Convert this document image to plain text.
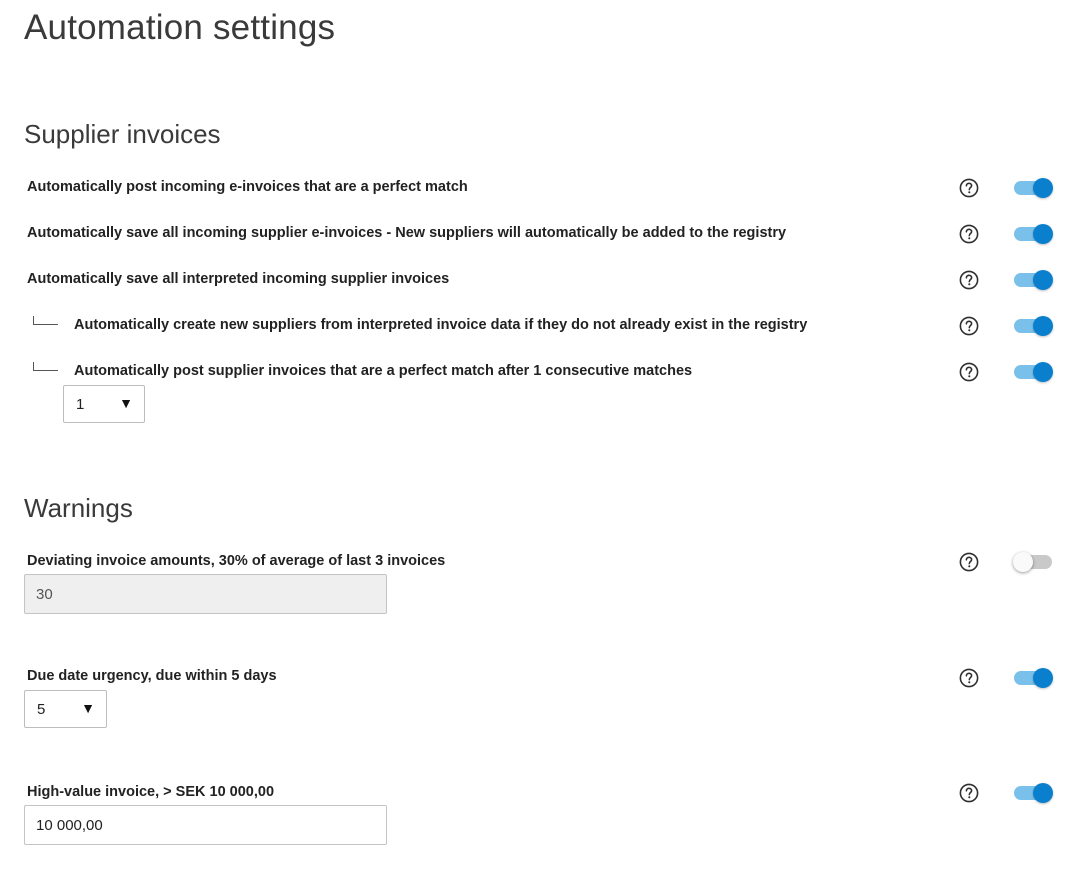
Automation settings
Supplier invoices
Automatically post incoming e-invoices that are a perfect match
Automatically save all incoming supplier e-invoices - New suppliers will automatically be added to the registry
Automatically save all interpreted incoming supplier invoices
Automatically create new suppliers from interpreted invoice data if they do not already exist in the registry
Automatically post supplier invoices that are a perfect match after 1 consecutive matches
1 ▼
Warnings
Deviating invoice amounts, 30% of average of last 3 invoices
30
Due date urgency, due within 5 days
5	▼
High-value invoice, > SEK 10 000,00
10 000,00
